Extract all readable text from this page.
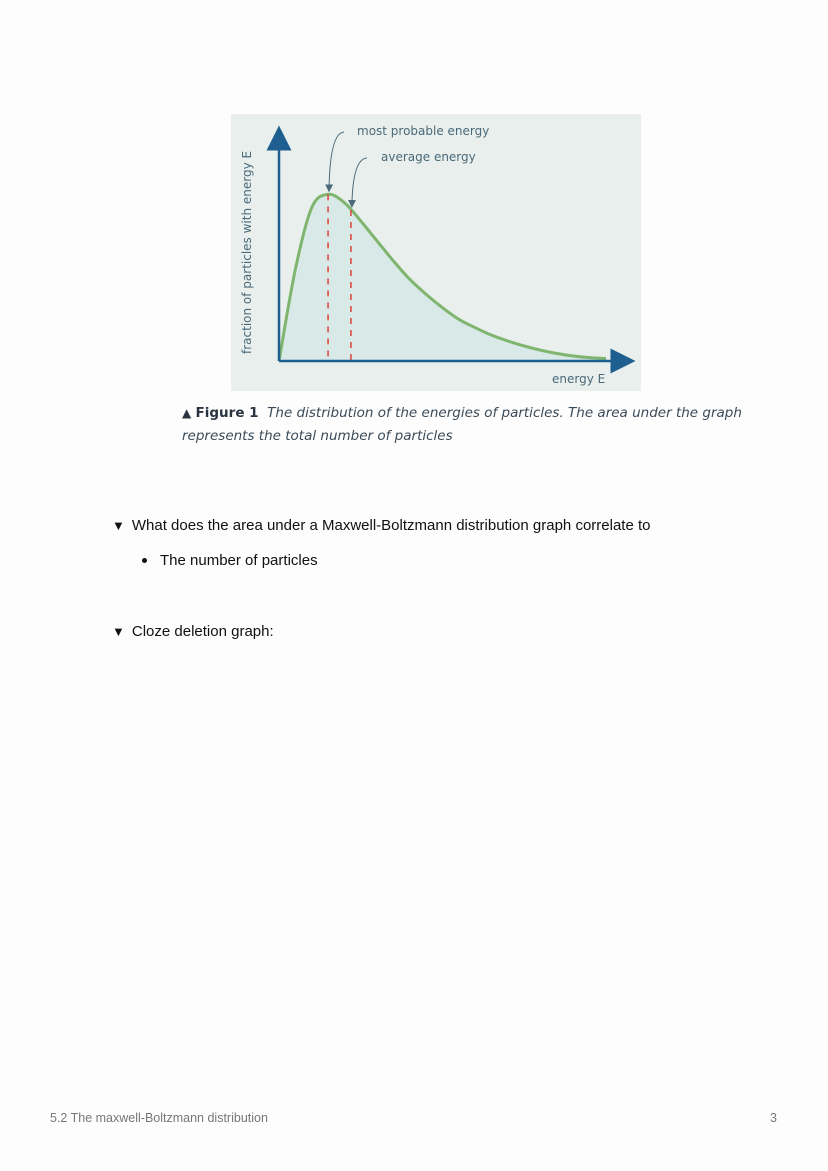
fraction of particles with energy E
energy E
most probable energy
average energy
▲ Figure 1 The distribution of the energies of particles. The area under the graph
represents the total number of particles
▼ What does the area under a Maxwell-Boltzmann distribution graph correlate to
The number of particles
▼ Cloze deletion graph:
5.2 The maxwell-Boltzmann distribution	3
